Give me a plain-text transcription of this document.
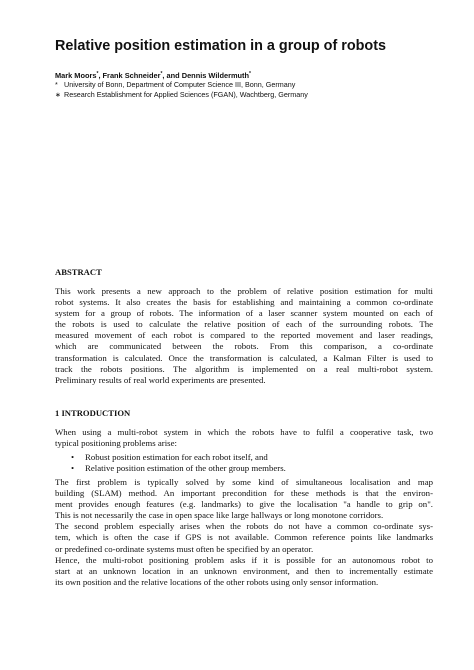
Relative position estimation in a group of robots
Mark Moors*, Frank Schneider*, and Dennis Wildermuth*
* University of Bonn, Department of Computer Science III, Bonn, Germany
∗ Research Establishment for Applied Sciences (FGAN), Wachtberg, Germany
ABSTRACT
This work presents a new approach to the problem of relative position estimation for multi
robot systems. It also creates the basis for establishing and maintaining a common co-ordinate
system for a group of robots. The information of a laser scanner system mounted on each of
the robots is used to calculate the relative position of each of the surrounding robots. The
measured movement of each robot is compared to the reported movement and laser readings,
which are communicated between the robots. From this comparison, a co-ordinate
transformation is calculated. Once the transformation is calculated, a Kalman Filter is used to
track the robots positions. The algorithm is implemented on a real multi-robot system.
Preliminary results of real world experiments are presented.
1 INTRODUCTION
When using a multi-robot system in which the robots have to fulfil a cooperative task, two
typical positioning problems arise:
• Robust position estimation for each robot itself, and
• Relative position estimation of the other group members.
The first problem is typically solved by some kind of simultaneous localisation and map
building (SLAM) method. An important precondition for these methods is that the environ-
ment provides enough features (e.g. landmarks) to give the localisation "a handle to grip on".
This is not necessarily the case in open space like large hallways or long monotone corridors.
The second problem especially arises when the robots do not have a common co-ordinate sys-
tem, which is often the case if GPS is not available. Common reference points like landmarks
or predefined co-ordinate systems must often be specified by an operator.
Hence, the multi-robot positioning problem asks if it is possible for an autonomous robot to
start at an unknown location in an unknown environment, and then to incrementally estimate
its own position and the relative locations of the other robots using only sensor information.
